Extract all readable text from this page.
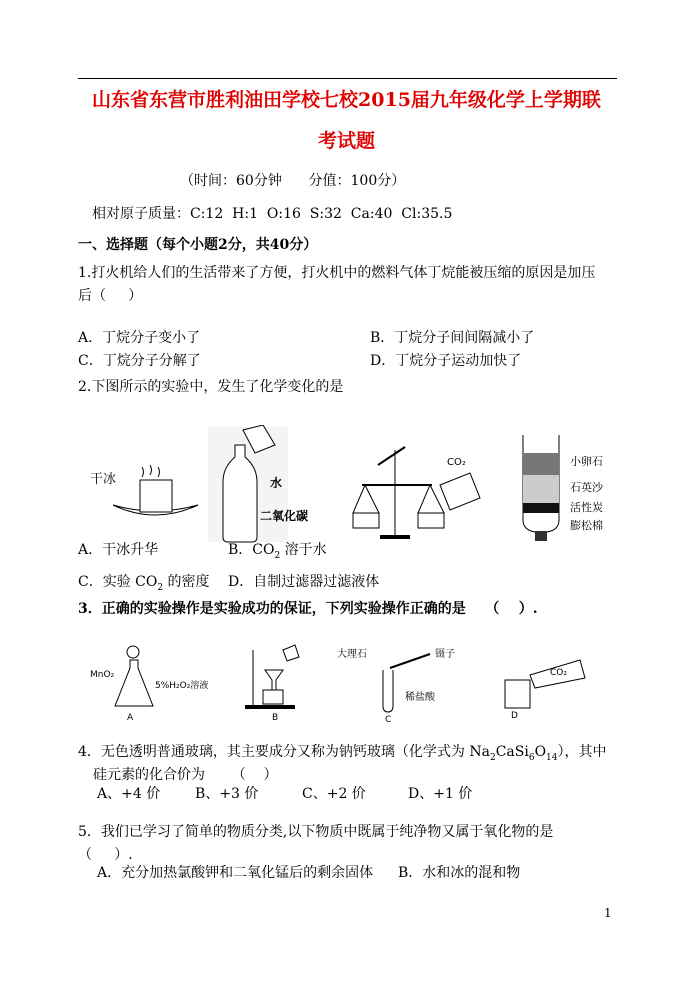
山东省东营市胜利油田学校七校2015届九年级化学上学期联
考试题
（时间：60分钟      分值：100分）
相对原子质量：C:12  H:1  O:16  S:32  Ca:40  Cl:35.5
一、选择题（每个小题2分，共40分）
1.打火机给人们的生活带来了方便，打火机中的燃料气体丁烷能被压缩的原因是加压
后（     ）
A．丁烷分子变小了	B．丁烷分子间间隔减小了
C．丁烷分子分解了	D．丁烷分子运动加快了
2.下图所示的实验中，发生了化学变化的是
干冰	水
二氧化碳
CO₂	小卵石
石英沙
活性炭
膨松棉
A．干冰升华	B．$CO_2$ 溶于水
C．实验 $CO_2$ 的密度 D．自制过滤器过滤液体
3．正确的实验操作是实验成功的保证，下列实验操作正确的是    （    ）.
MnO₂
5%H₂O₂溶液
A	B
大理石	镊子
稀盐酸
C
CO₂
D
4．无色透明普通玻璃，其主要成分又称为钠钙玻璃（化学式为 $Na_2CaSi_6O_{14}$），其中
硅元素的化合价为      （    ）
A、+4 价 B、+3 价	C、+2 价	D、+1 价
5．我们已学习了简单的物质分类,以下物质中既属于纯净物又属于氧化物的是
（     ）.
A．充分加热氯酸钾和二氧化锰后的剩余固体 B．水和冰的混和物
1
